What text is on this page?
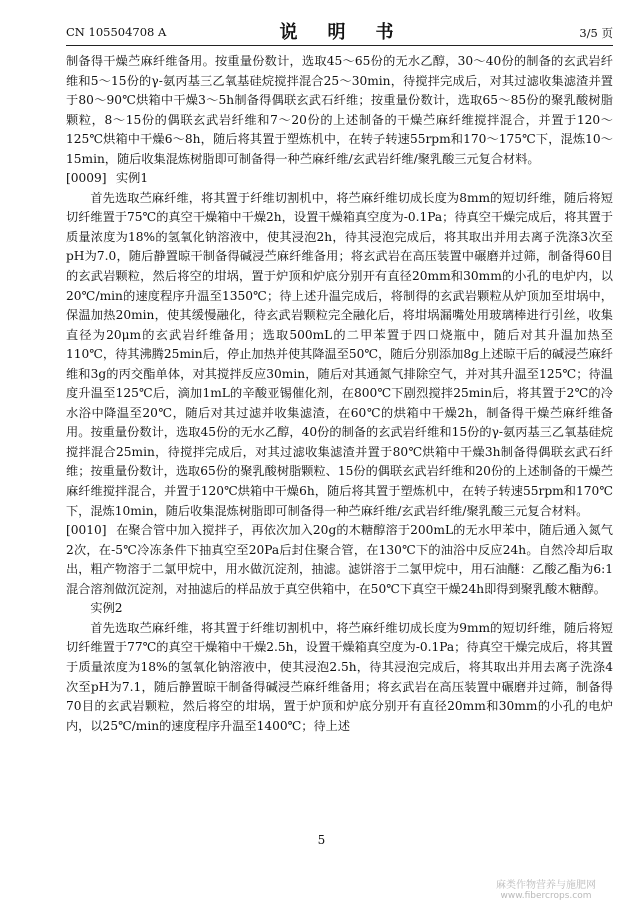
CN 105504708 A	说　明　书	3/5 页

制备得干燥苎麻纤维备用。按重量份数计，选取45～65份的无水乙醇，30～40份的制备的玄武岩纤维和5～15份的γ-氨丙基三乙氧基硅烷搅拌混合25～30min，待搅拌完成后，对其过滤收集滤渣并置于80～90℃烘箱中干燥3～5h制备得偶联玄武石纤维；按重量份数计，选取65～85份的聚乳酸树脂颗粒，8～15份的偶联玄武岩纤维和7～20份的上述制备的干燥苎麻纤维搅拌混合，并置于120～125℃烘箱中干燥6～8h，随后将其置于塑炼机中，在转子转速55rpm和170～175℃下，混炼10～15min，随后收集混炼树脂即可制备得一种苎麻纤维/玄武岩纤维/聚乳酸三元复合材料。

[0009] 实例1

首先选取苎麻纤维，将其置于纤维切割机中，将苎麻纤维切成长度为8mm的短切纤维，随后将短切纤维置于75℃的真空干燥箱中干燥2h，设置干燥箱真空度为-0.1Pa；待真空干燥完成后，将其置于质量浓度为18%的氢氧化钠溶液中，使其浸泡2h，待其浸泡完成后，将其取出并用去离子洗涤3次至pH为7.0，随后静置晾干制备得碱浸苎麻纤维备用；将玄武岩在高压装置中碾磨并过筛，制备得60目的玄武岩颗粒，然后将空的坩埚，置于炉顶和炉底分别开有直径20mm和30mm的小孔的电炉内，以20℃/min的速度程序升温至1350℃；待上述升温完成后，将制得的玄武岩颗粒从炉顶加至坩埚中，保温加热20min，使其缓慢融化，待玄武岩颗粒完全融化后，将坩埚漏嘴处用玻璃棒进行引丝，收集直径为20μm的玄武岩纤维备用；选取500mL的二甲苯置于四口烧瓶中，随后对其升温加热至110℃，待其沸腾25min后，停止加热并使其降温至50℃，随后分别添加8g上述晾干后的碱浸苎麻纤维和3g的丙交酯单体，对其搅拌反应30min，随后对其通氮气排除空气，并对其升温至125℃；待温度升温至125℃后，滴加1mL的辛酸亚锡催化剂，在800℃下剧烈搅拌25min后，将其置于2℃的冷水浴中降温至20℃，随后对其过滤并收集滤渣，在60℃的烘箱中干燥2h，制备得干燥苎麻纤维备用。按重量份数计，选取45份的无水乙醇，40份的制备的玄武岩纤维和15份的γ-氨丙基三乙氧基硅烷搅拌混合25min，待搅拌完成后，对其过滤收集滤渣并置于80℃烘箱中干燥3h制备得偶联玄武石纤维；按重量份数计，选取65份的聚乳酸树脂颗粒、15份的偶联玄武岩纤维和20份的上述制备的干燥苎麻纤维搅拌混合，并置于120℃烘箱中干燥6h，随后将其置于塑炼机中，在转子转速55rpm和170℃下，混炼10min，随后收集混炼树脂即可制备得一种苎麻纤维/玄武岩纤维/聚乳酸三元复合材料。

[0010] 在聚合管中加入搅拌子，再依次加入20g的木糖醇溶于200mL的无水甲苯中，随后通入氮气2次，在-5℃冷冻条件下抽真空至20Pa后封住聚合管，在130℃下的油浴中反应24h。自然冷却后取出，粗产物溶于二氯甲烷中，用水做沉淀剂，抽滤。滤饼溶于二氯甲烷中，用石油醚：乙酸乙酯为6:1混合溶剂做沉淀剂，对抽滤后的样品放于真空供箱中，在50℃下真空干燥24h即得到聚乳酸木糖醇。

实例2

首先选取苎麻纤维，将其置于纤维切割机中，将苎麻纤维切成长度为9mm的短切纤维，随后将短切纤维置于77℃的真空干燥箱中干燥2.5h，设置干燥箱真空度为-0.1Pa；待真空干燥完成后，将其置于质量浓度为18%的氢氧化钠溶液中，使其浸泡2.5h，待其浸泡完成后，将其取出并用去离子洗涤4次至pH为7.1，随后静置晾干制备得碱浸苎麻纤维备用；将玄武岩在高压装置中碾磨并过筛，制备得70目的玄武岩颗粒，然后将空的坩埚，置于炉顶和炉底分别开有直径20mm和30mm的小孔的电炉内，以25℃/min的速度程序升温至1400℃；待上述

5
麻类作物营养与施肥网
www.fibercrops.com
